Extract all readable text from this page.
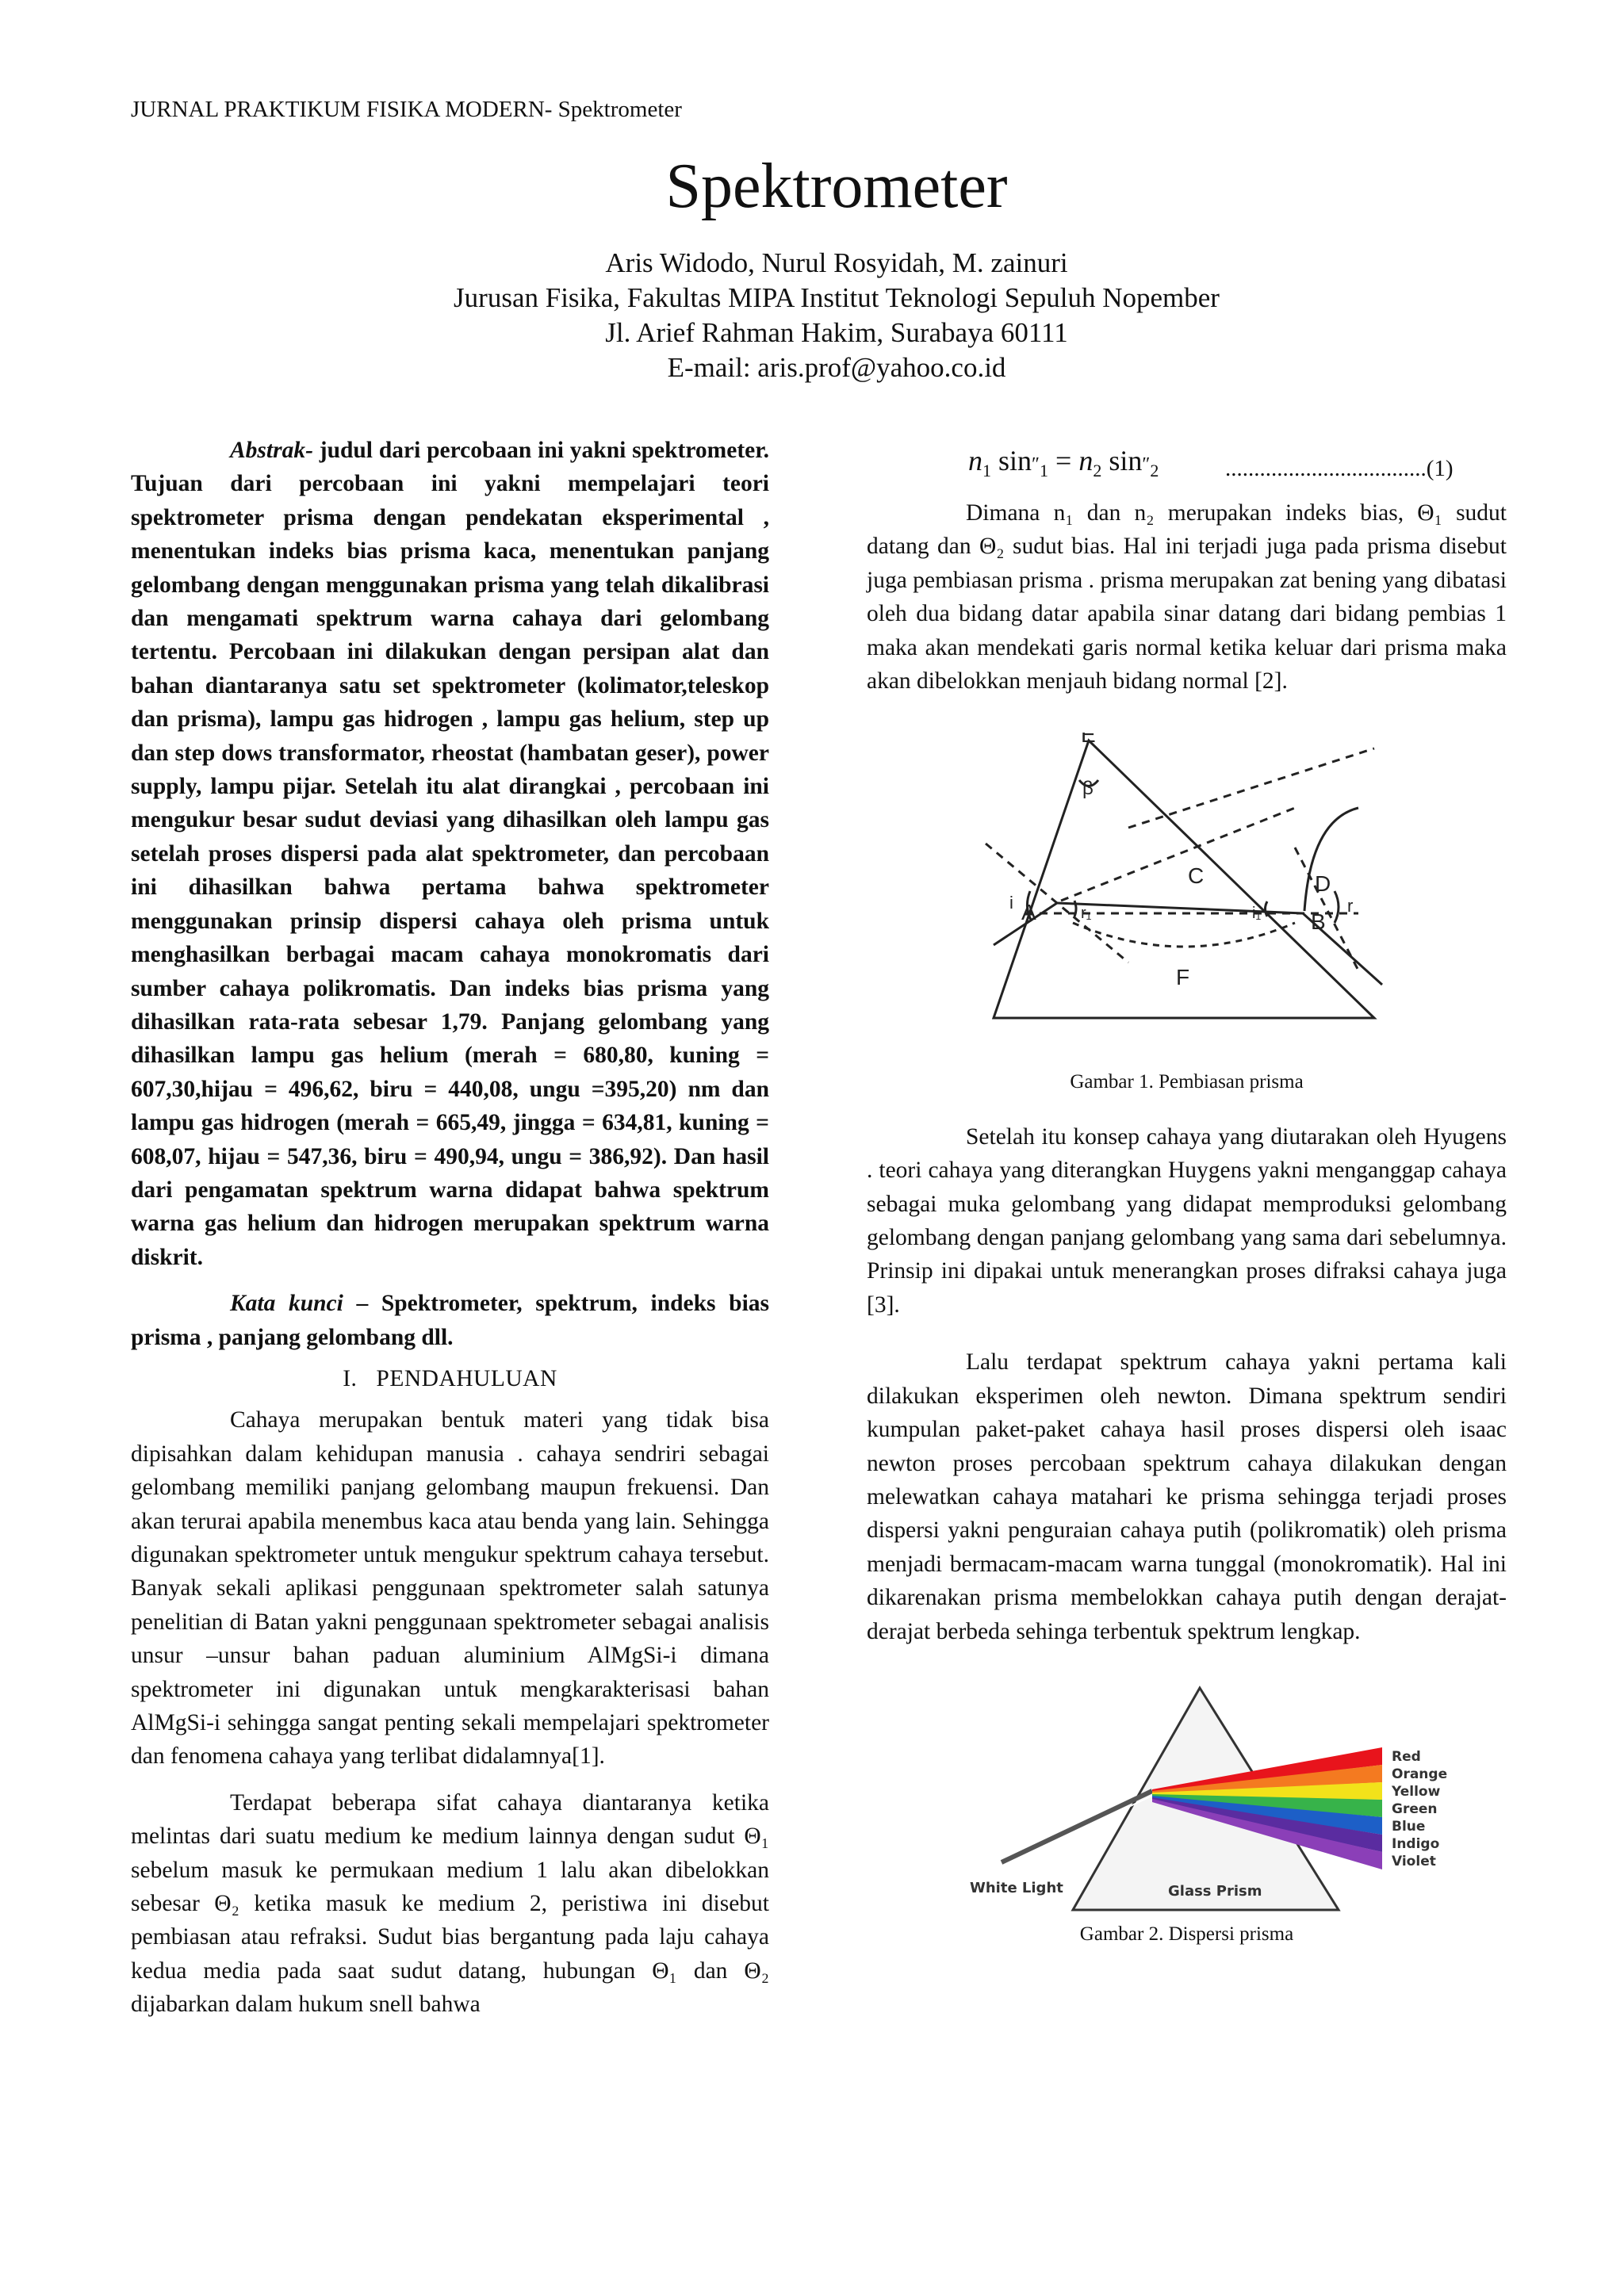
JURNAL PRAKTIKUM FISIKA MODERN- Spektrometer
Spektrometer
Aris Widodo, Nurul Rosyidah, M. zainuri
Jurusan Fisika, Fakultas MIPA Institut Teknologi Sepuluh Nopember
Jl. Arief Rahman Hakim, Surabaya 60111
E-mail: aris.prof@yahoo.co.id

Abstrak- judul dari percobaan ini yakni spektrometer. Tujuan dari percobaan ini yakni mempelajari teori spektrometer prisma dengan pendekatan eksperimental , menentukan indeks bias prisma kaca, menentukan panjang gelombang dengan menggunakan prisma yang telah dikalibrasi dan mengamati spektrum warna cahaya dari gelombang tertentu. Percobaan ini dilakukan dengan persipan alat dan bahan diantaranya satu set spektrometer (kolimator,teleskop dan prisma), lampu gas hidrogen , lampu gas helium, step up dan step dows transformator, rheostat (hambatan geser), power supply, lampu pijar. Setelah itu alat dirangkai , percobaan ini mengukur besar sudut deviasi yang dihasilkan oleh lampu gas setelah proses dispersi pada alat spektrometer, dan percobaan ini dihasilkan bahwa pertama bahwa spektrometer menggunakan prinsip dispersi cahaya oleh prisma untuk menghasilkan berbagai macam cahaya monokromatis dari sumber cahaya polikromatis. Dan indeks bias prisma yang dihasilkan rata-rata sebesar 1,79. Panjang gelombang yang dihasilkan lampu gas helium (merah = 680,80, kuning = 607,30,hijau = 496,62, biru = 440,08, ungu =395,20) nm dan lampu gas hidrogen (merah = 665,49, jingga = 634,81, kuning = 608,07, hijau = 547,36, biru = 490,94, ungu = 386,92). Dan hasil dari pengamatan spektrum warna didapat bahwa spektrum warna gas helium dan hidrogen merupakan spektrum warna diskrit.

Kata kunci – Spektrometer, spektrum, indeks bias prisma , panjang gelombang dll.

I. PENDAHULUAN

Cahaya merupakan bentuk materi yang tidak bisa dipisahkan dalam kehidupan manusia . cahaya sendriri sebagai gelombang memiliki panjang gelombang maupun frekuensi. Dan akan terurai apabila menembus kaca atau benda yang lain. Sehingga digunakan spektrometer untuk mengukur spektrum cahaya tersebut. Banyak sekali aplikasi penggunaan spektrometer salah satunya penelitian di Batan yakni penggunaan spektrometer sebagai analisis unsur –unsur bahan paduan aluminium AlMgSi-i dimana spektrometer ini digunakan untuk mengkarakterisasi bahan AlMgSi-i sehingga sangat penting sekali mempelajari spektrometer dan fenomena cahaya yang terlibat didalamnya[1].

Terdapat beberapa sifat cahaya diantaranya ketika melintas dari suatu medium ke medium lainnya dengan sudut Θ₁ sebelum masuk ke permukaan medium 1 lalu akan dibelokkan sebesar Θ₂ ketika masuk ke medium 2, peristiwa ini disebut pembiasan atau refraksi. Sudut bias bergantung pada laju cahaya kedua media pada saat sudut datang, hubungan Θ₁ dan Θ₂ dijabarkan dalam hukum snell bahwa

$n_1$ $\sin''_1 = n_2$ $\sin''_2$	...................................(1)

Dimana n₁ dan n₂ merupakan indeks bias, Θ₁ sudut datang dan Θ₂ sudut bias. Hal ini terjadi juga pada prisma disebut juga pembiasan prisma . prisma merupakan zat bening yang dibatasi oleh dua bidang datar apabila sinar datang dari bidang pembias 1 maka akan mendekati garis normal ketika keluar dari prisma maka akan dibelokkan menjauh bidang normal [2].

E
β
C	D
A	B
F
i	r
r₁	i₁
Gambar 1. Pembiasan prisma

Setelah itu konsep cahaya yang diutarakan oleh Hyugens . teori cahaya yang diterangkan Huygens yakni menganggap cahaya sebagai muka gelombang yang didapat memproduksi gelombang gelombang dengan panjang gelombang yang sama dari sebelumnya. Prinsip ini dipakai untuk menerangkan proses difraksi cahaya juga [3].

Lalu terdapat spektrum cahaya yakni pertama kali dilakukan eksperimen oleh newton. Dimana spektrum sendiri kumpulan paket-paket cahaya hasil proses dispersi oleh isaac newton proses percobaan spektrum cahaya dilakukan dengan melewatkan cahaya matahari ke prisma sehingga terjadi proses dispersi yakni penguraian cahaya putih (polikromatik) oleh prisma menjadi bermacam-macam warna tunggal (monokromatik). Hal ini dikarenakan prisma membelokkan cahaya putih dengan derajat-derajat berbeda sehinga terbentuk spektrum lengkap.

White Light	Glass Prism
Red
Orange
Yellow
Green
Blue
Indigo
Violet
Gambar 2. Dispersi prisma
